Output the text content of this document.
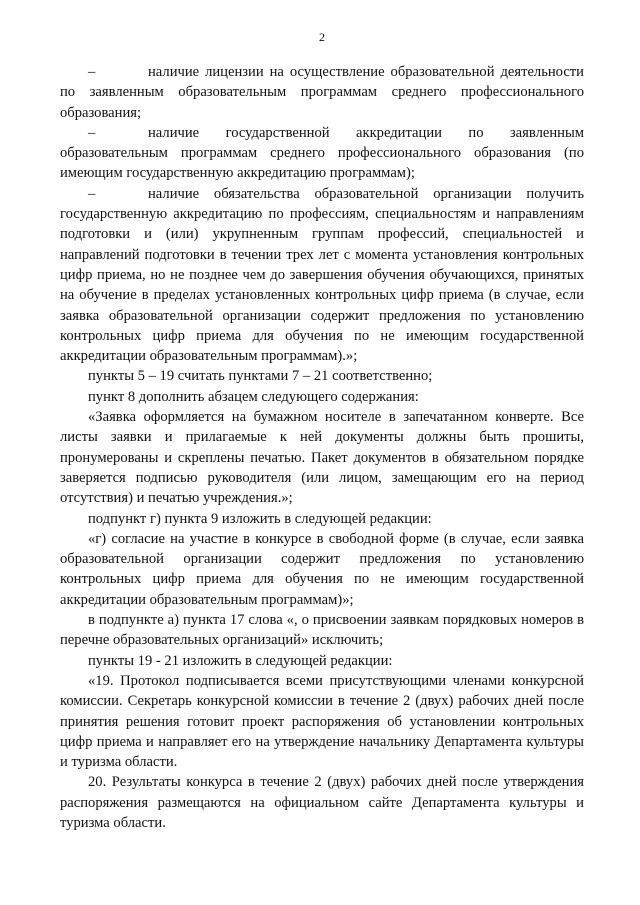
2

–	наличие лицензии на осуществление образовательной деятельности по заявленным образовательным программам среднего профессионального образования;

–	наличие государственной аккредитации по заявленным образовательным программам среднего профессионального образования (по имеющим государственную аккредитацию программам);

–	наличие обязательства образовательной организации получить государственную аккредитацию по профессиям, специальностям и направлениям подготовки и (или) укрупненным группам профессий, специальностей и направлений подготовки в течении трех лет с момента установления контрольных цифр приема, но не позднее чем до завершения обучения обучающихся, принятых на обучение в пределах установленных контрольных цифр приема (в случае, если заявка образовательной организации содержит предложения по установлению контрольных цифр приема для обучения по не имеющим государственной аккредитации образовательным программам).»;

пункты 5 – 19 считать пунктами 7 – 21 соответственно;

пункт 8 дополнить абзацем следующего содержания:

«Заявка оформляется на бумажном носителе в запечатанном конверте. Все листы заявки и прилагаемые к ней документы должны быть прошиты, пронумерованы и скреплены печатью. Пакет документов в обязательном порядке заверяется подписью руководителя (или лицом, замещающим его на период отсутствия) и печатью учреждения.»;

подпункт г) пункта 9 изложить в следующей редакции:

«г) согласие на участие в конкурсе в свободной форме (в случае, если заявка образовательной организации содержит предложения по установлению контрольных цифр приема для обучения по не имеющим государственной аккредитации образовательным программам)»;

в подпункте а) пункта 17 слова «, о присвоении заявкам порядковых номеров в перечне образовательных организаций» исключить;

пункты 19 - 21 изложить в следующей редакции:

«19. Протокол подписывается всеми присутствующими членами конкурсной комиссии. Секретарь конкурсной комиссии в течение 2 (двух) рабочих дней после принятия решения готовит проект распоряжения об установлении контрольных цифр приема и направляет его на утверждение начальнику Департамента культуры и туризма области.

20. Результаты конкурса в течение 2 (двух) рабочих дней после утверждения распоряжения размещаются на официальном сайте Департамента культуры и туризма области.
